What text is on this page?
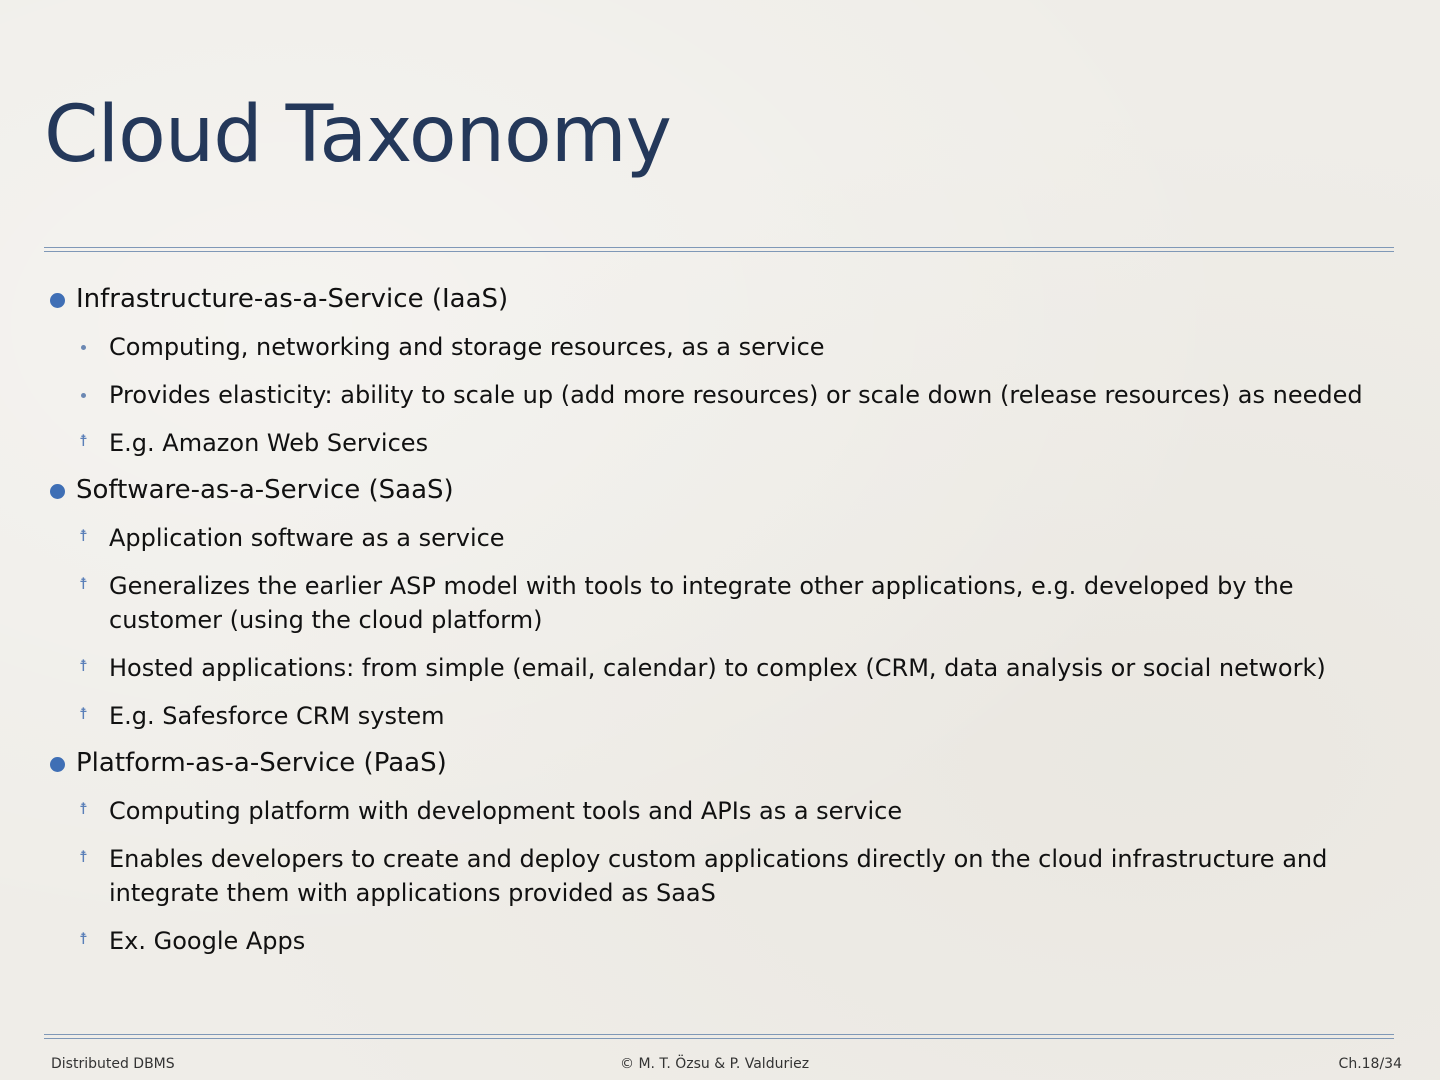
Cloud Taxonomy
Infrastructure-as-a-Service (IaaS)
Computing, networking and storage resources, as a service
Provides elasticity: ability to scale up (add more resources) or scale down (release resources) as needed
☨ E.g. Amazon Web Services
Software-as-a-Service (SaaS)
☨ Application software as a service
☨ Generalizes the earlier ASP model with tools to integrate other applications, e.g. developed by the customer (using the cloud platform)
☨ Hosted applications: from simple (email, calendar) to complex (CRM, data analysis or social network)
☨ E.g. Safesforce CRM system
Platform-as-a-Service (PaaS)
☨ Computing platform with development tools and APIs as a service
☨ Enables developers to create and deploy custom applications directly on the cloud infrastructure and integrate them with applications provided as SaaS
☨ Ex. Google Apps
Distributed DBMS	© M. T. Özsu & P. Valduriez	Ch.18/34
